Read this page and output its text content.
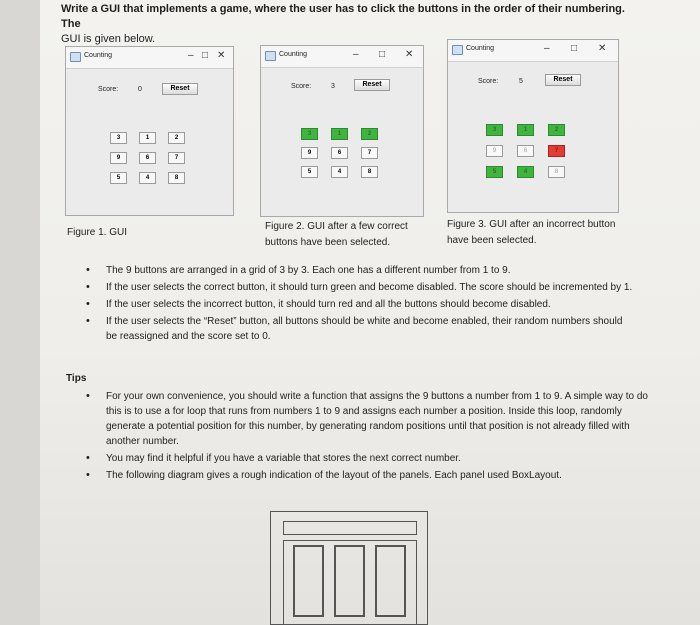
Write a GUI that implements a game, where the user has to click the buttons in the order of their numbering. The
GUI is given below.
Counting	– □ ✕
Score:	0	Reset
3	1	2
9	6	7
5	4	8
Counting	– □ ✕
Score:	3	Reset
3	1	2
9	6	7
5	4	8
Counting	– □ ✕
Score:	5	Reset
3	1	2
9	6	7
5	4	8
Figure 1. GUI
Figure 2. GUI after a few correct
buttons have been selected.
Figure 3. GUI after an incorrect button
have been selected.
• The 9 buttons are arranged in a grid of 3 by 3. Each one has a different number from 1 to 9.
• If the user selects the correct button, it should turn green and become disabled. The score should be incremented by 1.
• If the user selects the incorrect button, it should turn red and all the buttons should become disabled.
• If the user selects the “Reset” button, all buttons should be white and become enabled, their random numbers should be reassigned and the score set to 0.
Tips
• For your own convenience, you should write a function that assigns the 9 buttons a number from 1 to 9. A simple way to do this is to use a for loop that runs from numbers 1 to 9 and assigns each number a position. Inside this loop, randomly generate a potential position for this number, by generating random positions until that position is not already filled with another number.
• You may find it helpful if you have a variable that stores the next correct number.
• The following diagram gives a rough indication of the layout of the panels. Each panel used BoxLayout.
